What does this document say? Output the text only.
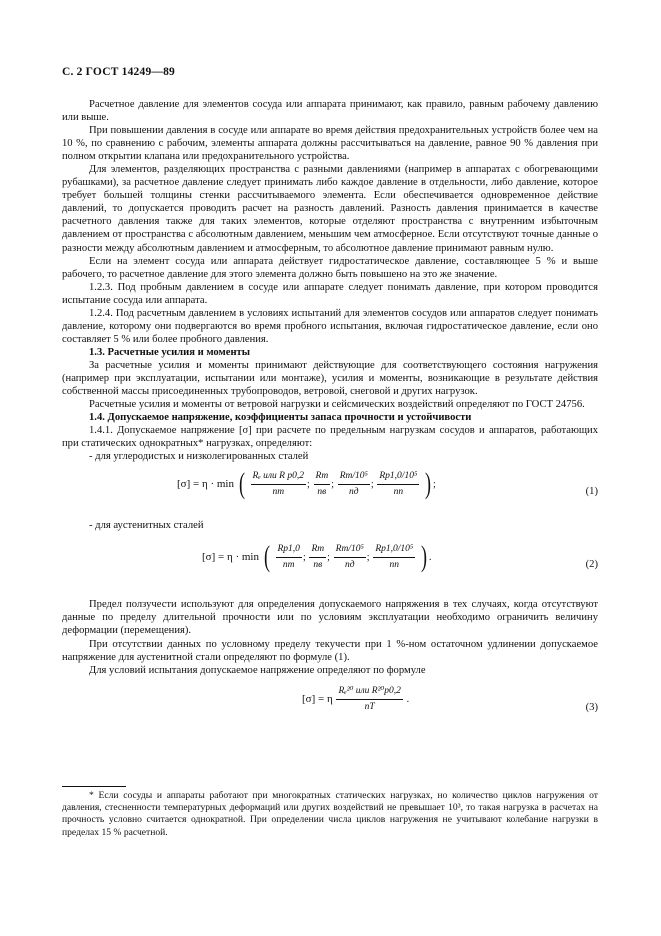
С. 2 ГОСТ 14249—89

Расчетное давление для элементов сосуда или аппарата принимают, как правило, равным рабочему давлению или выше.

При повышении давления в сосуде или аппарате во время действия предохранительных устройств более чем на 10 %, по сравнению с рабочим, элементы аппарата должны рассчитываться на давление, равное 90 % давления при полном открытии клапана или предохранительного устройства.

Для элементов, разделяющих пространства с разными давлениями (например в аппаратах с обогревающими рубашками), за расчетное давление следует принимать либо каждое давление в отдельности, либо давление, которое требует большей толщины стенки рассчитываемого элемента. Если обеспечивается одновременное действие давлений, то допускается проводить расчет на разность давлений. Разность давления принимается в качестве расчетного давления также для таких элементов, которые отделяют пространства с внутренним избыточным давлением от пространства с абсолютным давлением, меньшим чем атмосферное. Если отсутствуют точные данные о разности между абсолютным давлением и атмосферным, то абсолютное давление принимают равным нулю.

Если на элемент сосуда или аппарата действует гидростатическое давление, составляющее 5 % и выше рабочего, то расчетное давление для этого элемента должно быть повышено на это же значение.

1.2.3. Под пробным давлением в сосуде или аппарате следует понимать давление, при котором проводится испытание сосуда или аппарата.

1.2.4. Под расчетным давлением в условиях испытаний для элементов сосудов или аппаратов следует понимать давление, которому они подвергаются во время пробного испытания, включая гидростатическое давление, если оно составляет 5 % или более пробного давления.

1.3. Расчетные усилия и моменты

За расчетные усилия и моменты принимают действующие для соответствующего состояния нагружения (например при эксплуатации, испытании или монтаже), усилия и моменты, возникающие в результате действия собственной массы присоединенных трубопроводов, ветровой, снеговой и других нагрузок.

Расчетные усилия и моменты от ветровой нагрузки и сейсмических воздействий определяют по ГОСТ 24756.

1.4. Допускаемое напряжение, коэффициенты запаса прочности и устойчивости

1.4.1. Допускаемое напряжение [σ] при расчете по предельным нагрузкам сосудов и аппаратов, работающих при статических однократных* нагрузках, определяют:

- для углеродистых и низколегированных сталей

[σ] = η · min ( $\frac{\text{Rₑ или R p0,2}}{nт}$ ; $\frac{Rm}{nв}$ ; $\frac{\text{Rm/10⁵}}{nд}$ ; $\frac{\text{Rp1,0/10⁵}}{nп}$ ) ;
(1)

- для аустенитных сталей

[σ] = η · min ( $\frac{Rp1,0}{nт}$ ; $\frac{Rm}{nв}$ ; $\frac{\text{Rm/10⁵}}{nд}$ ; $\frac{\text{Rp1,0/10⁵}}{nп}$ ) .
(2)

Предел ползучести используют для определения допускаемого напряжения в тех случаях, когда отсутствуют данные по пределу длительной прочности или по условиям эксплуатации необходимо ограничить величину деформации (перемещения).

При отсутствии данных по условному пределу текучести при 1 %-ном остаточном удлинении допускаемое напряжение для аустенитной стали определяют по формуле (1).

Для условий испытания допускаемое напряжение определяют по формуле

[σ] = η $\frac{\text{Rₑ²⁰ или R²⁰p0,2}}{nT}$ .
(3)

* Если сосуды и аппараты работают при многократных статических нагрузках, но количество циклов нагружения от давления, стесненности температурных деформаций или других воздействий не превышает 10³, то такая нагрузка в расчетах на прочность условно считается однократной. При определении числа циклов нагружения не учитывают колебание нагрузки в пределах 15 % расчетной.
